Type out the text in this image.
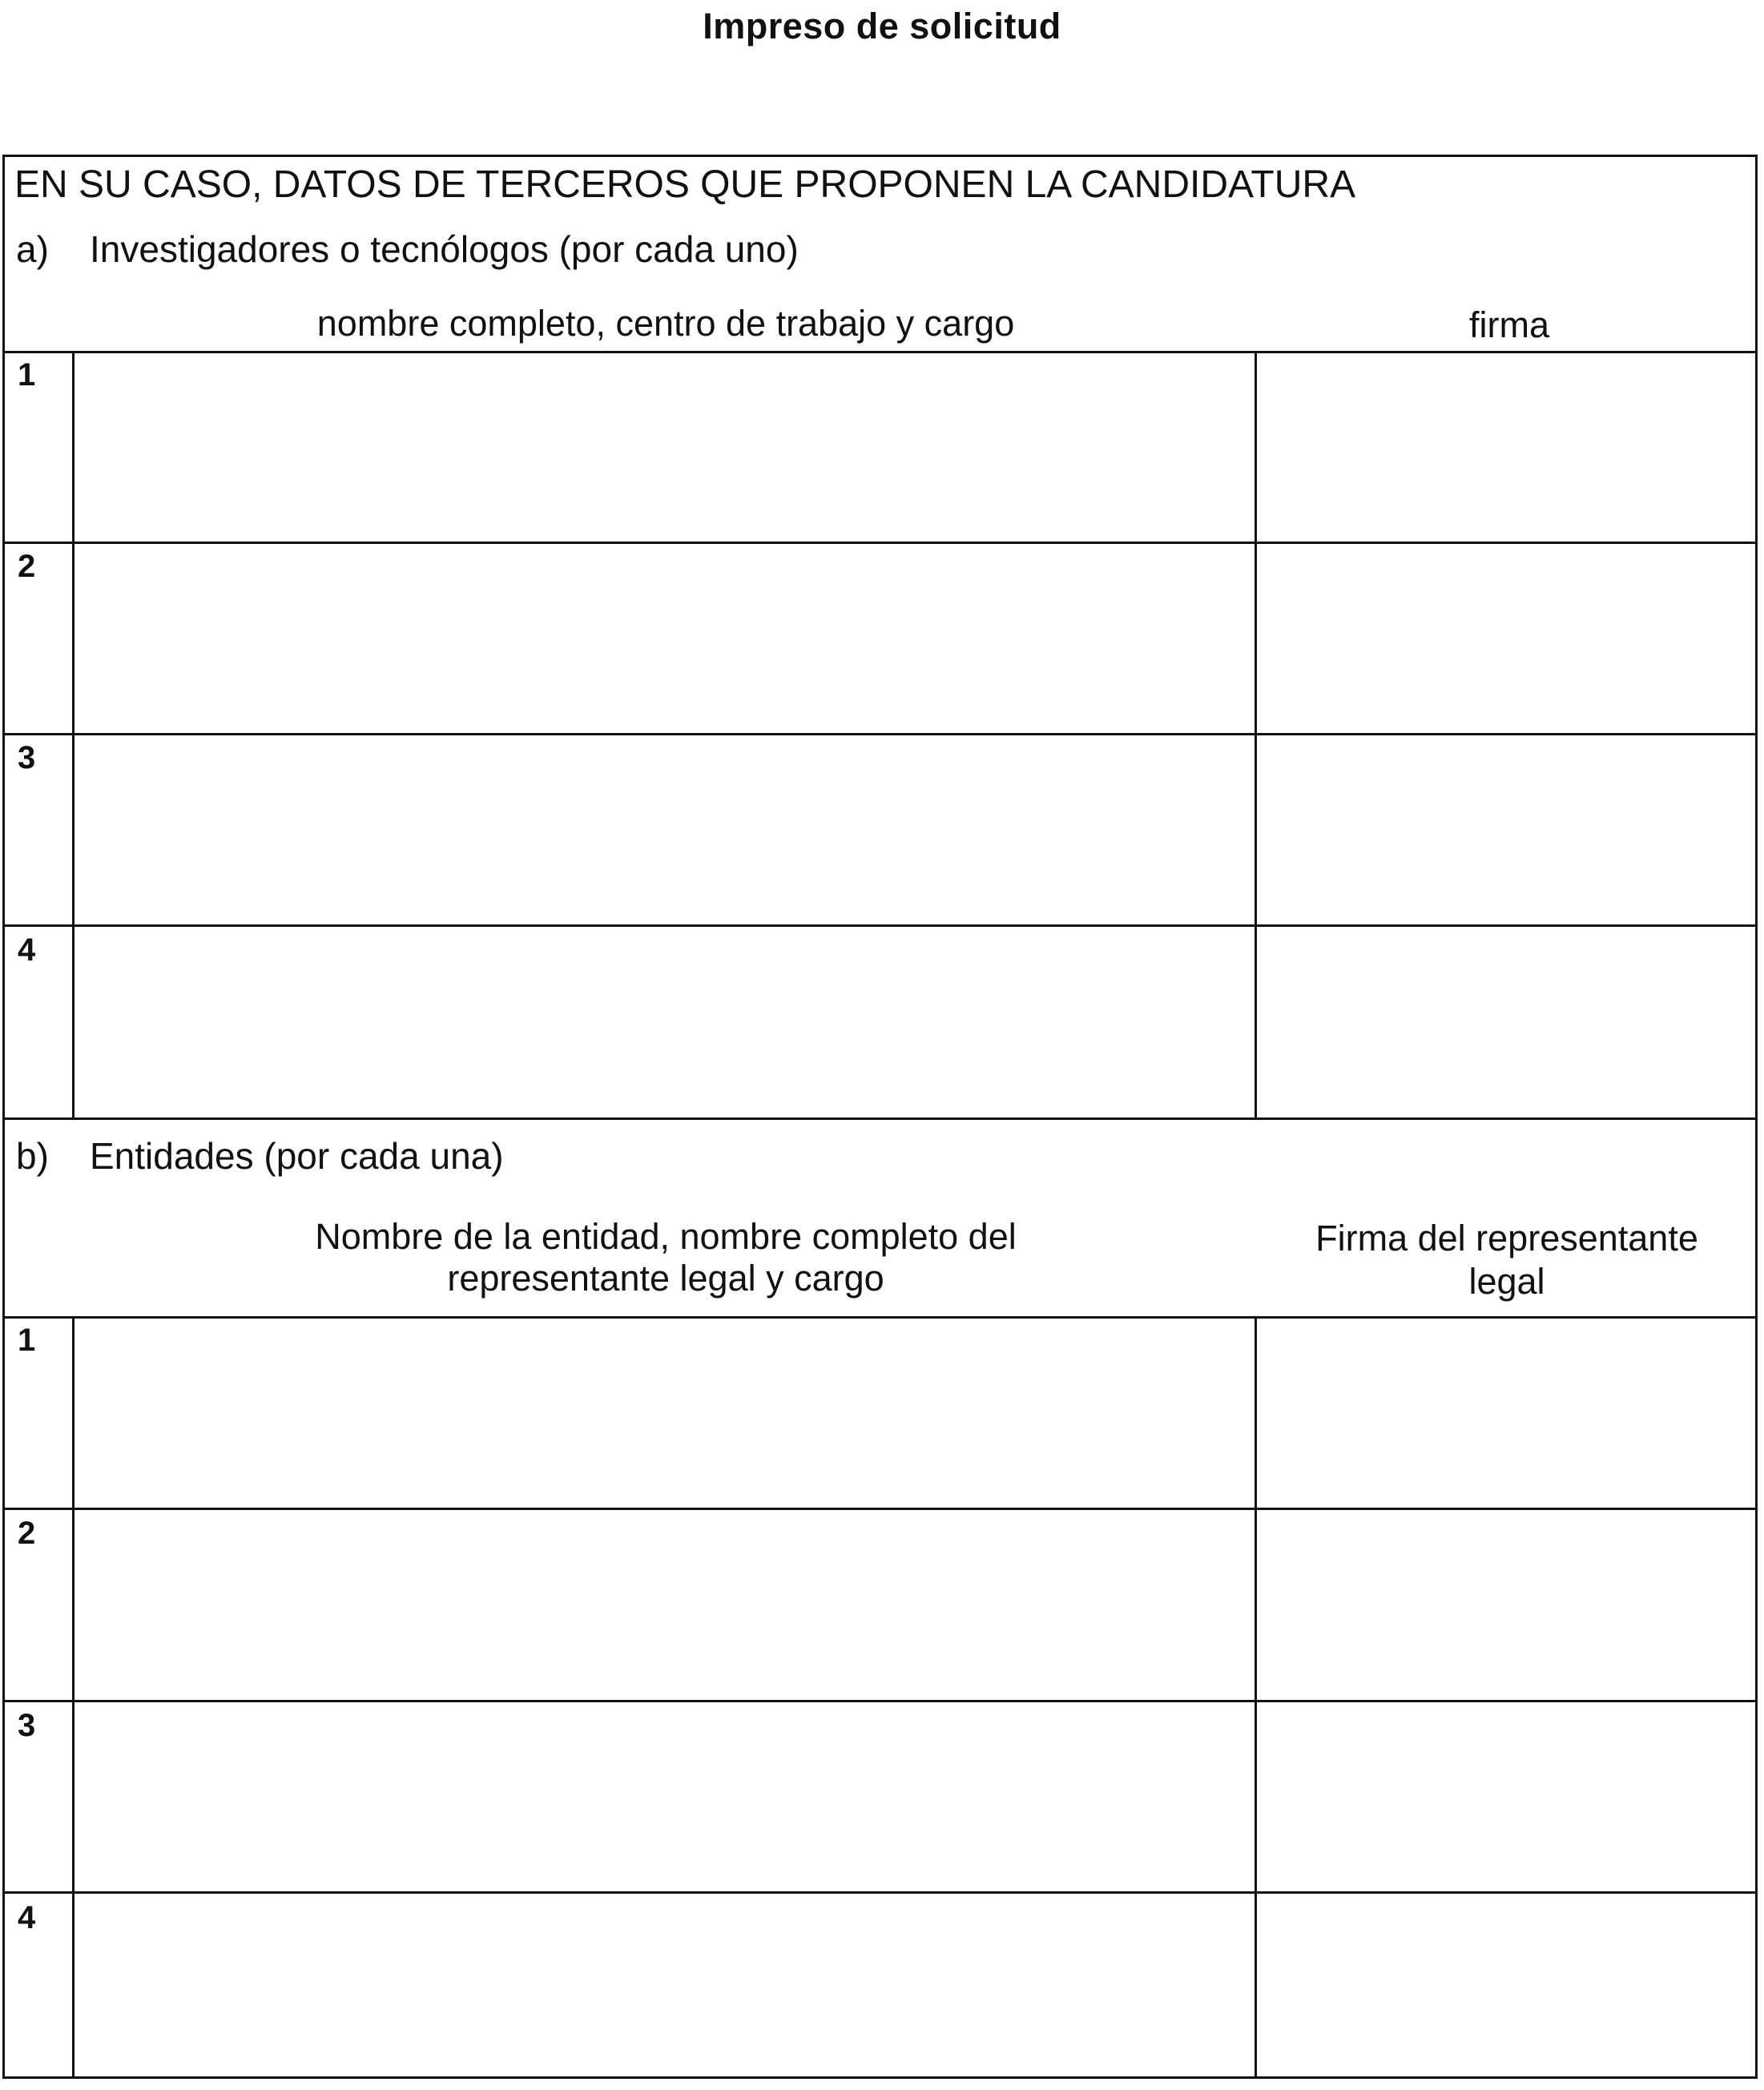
Impreso de solicitud
EN SU CASO, DATOS DE TERCEROS QUE PROPONEN LA CANDIDATURA
a) Investigadores o tecnólogos (por cada uno)
nombre completo, centro de trabajo y cargo	firma
1
2
3
4
b) Entidades (por cada una)
Nombre de la entidad, nombre completo del
representante legal y cargo
Firma del representante
legal
1
2
3
4
